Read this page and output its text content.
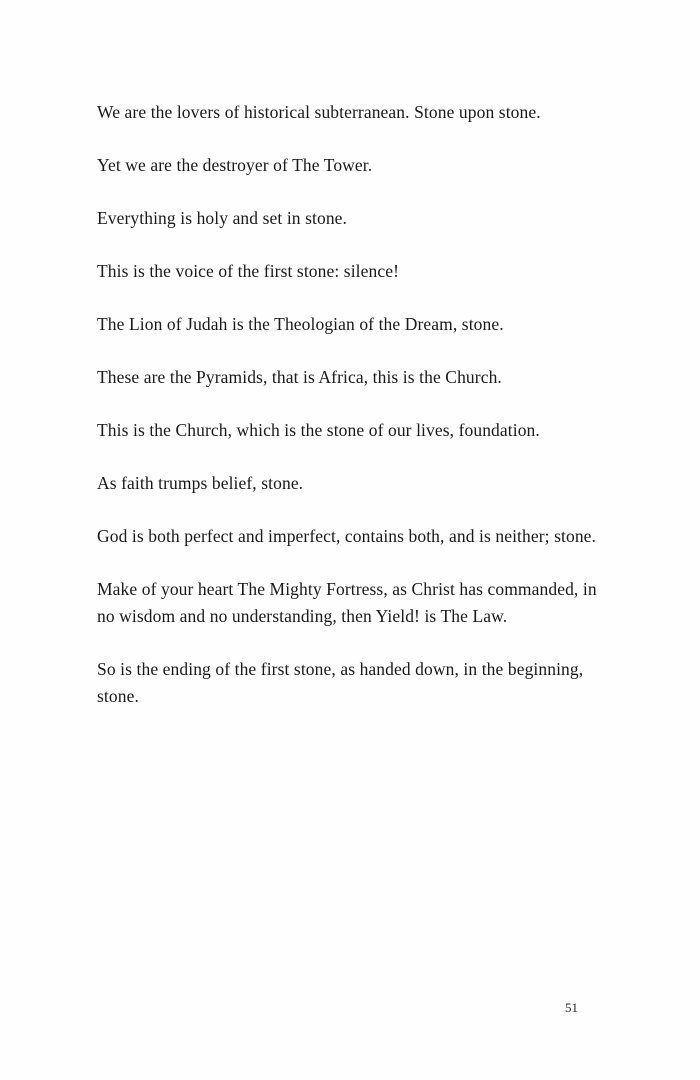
We are the lovers of historical subterranean. Stone upon stone.

Yet we are the destroyer of The Tower.

Everything is holy and set in stone.

This is the voice of the first stone: silence!

The Lion of Judah is the Theologian of the Dream, stone.

These are the Pyramids, that is Africa, this is the Church.

This is the Church, which is the stone of our lives, foundation.

As faith trumps belief, stone.

God is both perfect and imperfect, contains both, and is neither; stone.

Make of your heart The Mighty Fortress, as Christ has commanded, in no wisdom and no understanding, then Yield! is The Law.

So is the ending of the first stone, as handed down, in the beginning, stone.

51
